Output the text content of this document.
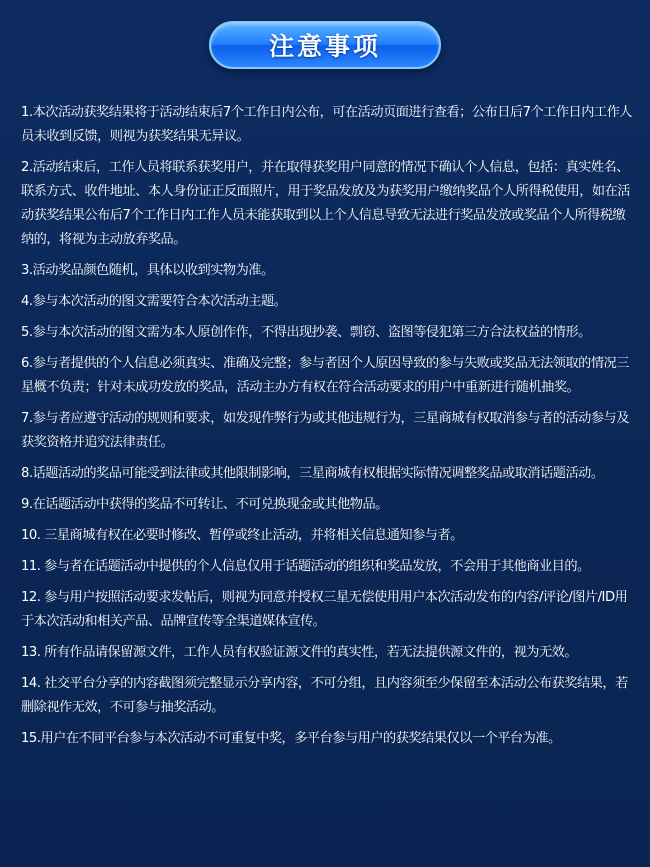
注意事项
1.本次活动获奖结果将于活动结束后7个工作日内公布，可在活动页面进行查看；公布日后7个工作日内工作人员未收到反馈，则视为获奖结果无异议。
2.活动结束后，工作人员将联系获奖用户，并在取得获奖用户同意的情况下确认个人信息，包括：真实姓名、联系方式、收件地址、本人身份证正反面照片，用于奖品发放及为获奖用户缴纳奖品个人所得税使用，如在活动获奖结果公布后7个工作日内工作人员未能获取到以上个人信息导致无法进行奖品发放或奖品个人所得税缴纳的，将视为主动放弃奖品。
3.活动奖品颜色随机，具体以收到实物为准。
4.参与本次活动的图文需要符合本次活动主题。
5.参与本次活动的图文需为本人原创作作，不得出现抄袭、剽窃、盗图等侵犯第三方合法权益的情形。
6.参与者提供的个人信息必须真实、准确及完整；参与者因个人原因导致的参与失败或奖品无法领取的情况三星概不负责；针对未成功发放的奖品，活动主办方有权在符合活动要求的用户中重新进行随机抽奖。
7.参与者应遵守活动的规则和要求，如发现作弊行为或其他违规行为，三星商城有权取消参与者的活动参与及获奖资格并追究法律责任。
8.话题活动的奖品可能受到法律或其他限制影响，三星商城有权根据实际情况调整奖品或取消话题活动。
9.在话题活动中获得的奖品不可转让、不可兑换现金或其他物品。
10. 三星商城有权在必要时修改、暂停或终止活动，并将相关信息通知参与者。
11. 参与者在话题活动中提供的个人信息仅用于话题活动的组织和奖品发放，不会用于其他商业目的。
12. 参与用户按照活动要求发帖后，则视为同意并授权三星无偿使用用户本次活动发布的内容/评论/图片/ID用于本次活动和相关产品、品牌宣传等全渠道媒体宣传。
13. 所有作品请保留源文件，工作人员有权验证源文件的真实性，若无法提供源文件的，视为无效。
14. 社交平台分享的内容截图须完整显示分享内容，不可分组，且内容须至少保留至本活动公布获奖结果，若删除视作无效，不可参与抽奖活动。
15.用户在不同平台参与本次活动不可重复中奖，多平台参与用户的获奖结果仅以一个平台为准。
